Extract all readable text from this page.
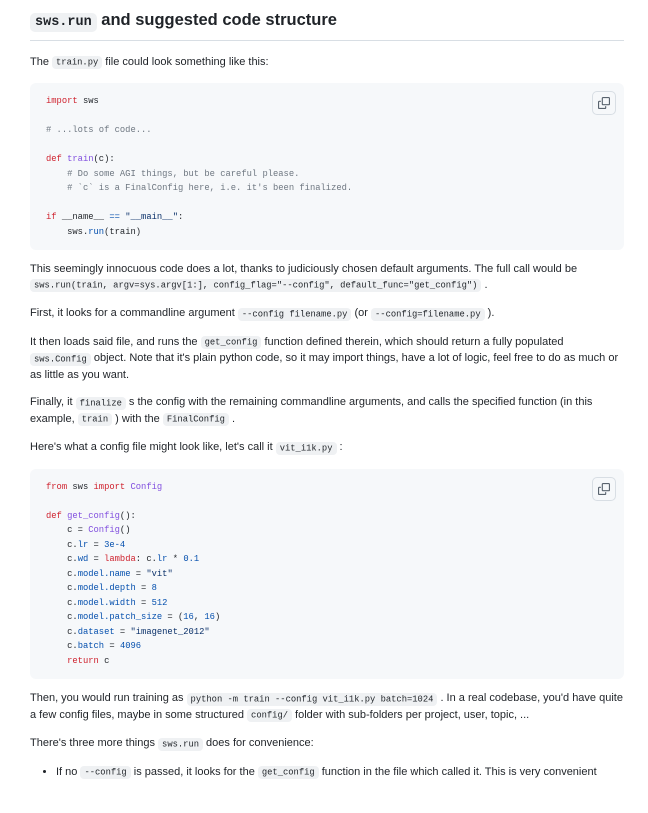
sws.run and suggested code structure

The train.py file could look something like this:

import sws

# ...lots of code...

def train(c):
# Do some AGI things, but be careful please.
# `c` is a FinalConfig here, i.e. it's been finalized.

if __name__ == "__main__":
sws.run(train)

This seemingly innocuous code does a lot, thanks to judiciously chosen default arguments. The full call would be sws.run(train, argv=sys.argv[1:], config_flag="--config", default_func="get_config") .

First, it looks for a commandline argument --config filename.py (or --config=filename.py ).

It then loads said file, and runs the get_config function defined therein, which should return a fully populated sws.Config object. Note that it's plain python code, so it may import things, have a lot of logic, feel free to do as much or as little as you want.

Finally, it finalize s the config with the remaining commandline arguments, and calls the specified function (in this example, train ) with the FinalConfig .

Here's what a config file might look like, let's call it vit_i1k.py :

from sws import Config

def get_config():
c = Config()
c.lr = 3e-4
c.wd = lambda: c.lr * 0.1
c.model.name = "vit"
c.model.depth = 8
c.model.width = 512
c.model.patch_size = (16, 16)
c.dataset = "imagenet_2012"
c.batch = 4096
return c

Then, you would run training as python -m train --config vit_i1k.py batch=1024 . In a real codebase, you'd have quite a few config files, maybe in some structured config/ folder with sub-folders per project, user, topic, ...

There's three more things sws.run does for convenience:

• If no --config is passed, it looks for the get_config function in the file which called it. This is very convenient
